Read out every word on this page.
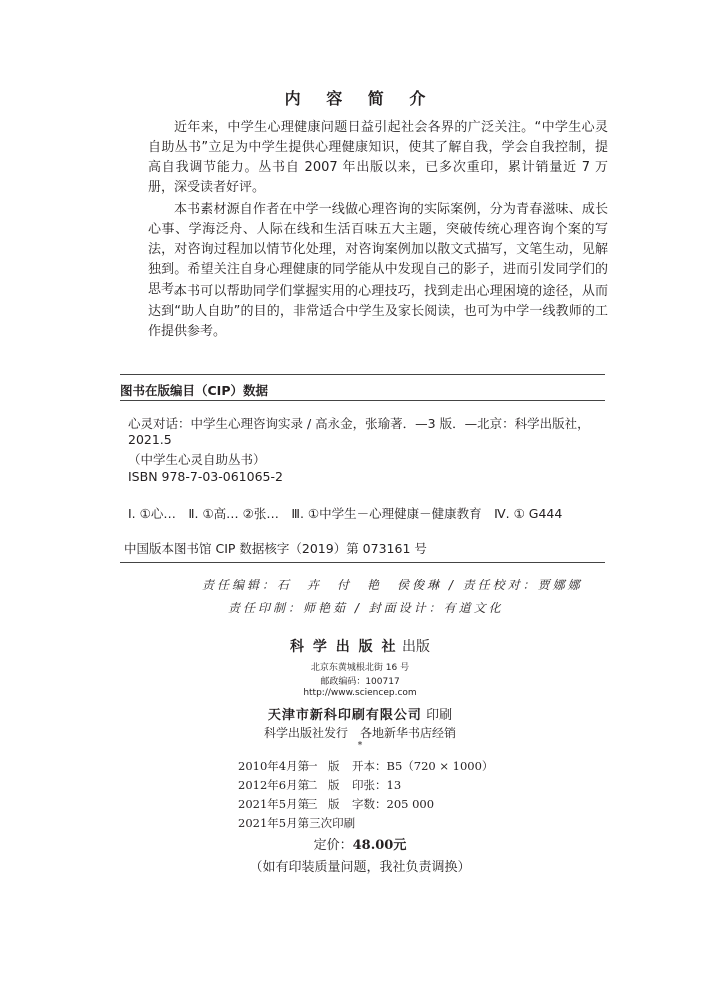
内 容 简 介
近年来，中学生心理健康问题日益引起社会各界的广泛关注。“中学生心灵自助丛书”立足为中学生提供心理健康知识，使其了解自我，学会自我控制，提高自我调节能力。丛书自 2007 年出版以来，已多次重印，累计销量近 7 万册，深受读者好评。
本书素材源自作者在中学一线做心理咨询的实际案例，分为青春滋味、成长心事、学海泛舟、人际在线和生活百味五大主题，突破传统心理咨询个案的写法，对咨询过程加以情节化处理，对咨询案例加以散文式描写，文笔生动，见解独到。希望关注自身心理健康的同学能从中发现自己的影子，进而引发同学们的思考。
本书可以帮助同学们掌握实用的心理技巧，找到走出心理困境的途径，从而达到“助人自助”的目的，非常适合中学生及家长阅读，也可为中学一线教师的工作提供参考。
图书在版编目（CIP）数据
心灵对话：中学生心理咨询实录 / 高永金，张瑜著．—3 版．—北京：科学出版社，
2021.5
（中学生心灵自助丛书）
ISBN 978-7-03-061065-2
Ⅰ. ①心…　Ⅱ. ①高… ②张…　Ⅲ. ①中学生－心理健康－健康教育　Ⅳ. ① G444
中国版本图书馆 CIP 数据核字（2019）第 073161 号
责任编辑：石　卉　付　艳　侯俊琳 / 责任校对：贾娜娜
责任印制：师艳茹 / 封面设计：有道文化
科 学 出 版 社 出版
北京东黄城根北街 16 号
邮政编码：100717
http://www.sciencep.com
天津市新科印刷有限公司 印刷
科学出版社发行　各地新华书店经销
*
2010年4月第一 版 开本：B5（720 × 1000）
2012年6月第二 版 印张：13
2021年5月第三 版 字数：205 000
2021年5月第三次印刷
定价：48.00元
（如有印装质量问题，我社负责调换）
